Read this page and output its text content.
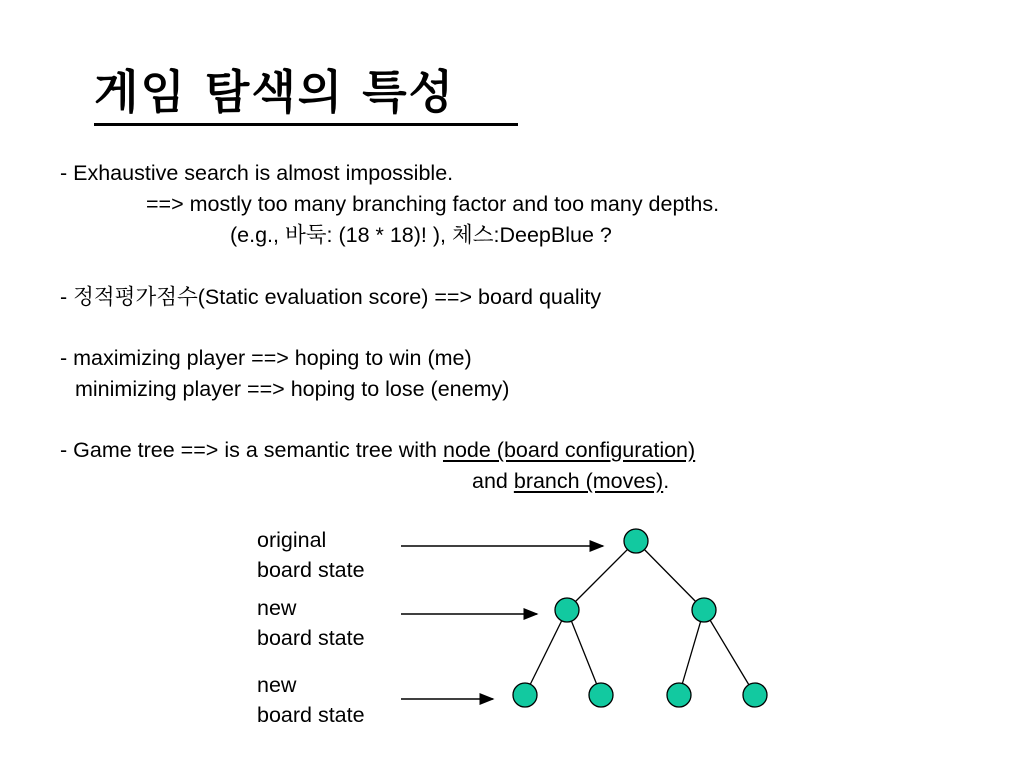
게임 탐색의 특성
- Exhaustive search is almost impossible.
==> mostly too many branching factor and too many depths.
(e.g., 바둑: (18 * 18)! ), 체스:DeepBlue ?
- 정적평가점수(Static evaluation score) ==> board quality
- maximizing player ==> hoping to win (me)
minimizing player ==> hoping to lose (enemy)
- Game tree ==> is a semantic tree with node (board configuration)
and branch (moves).
original
board state
new
board state
new
board state
